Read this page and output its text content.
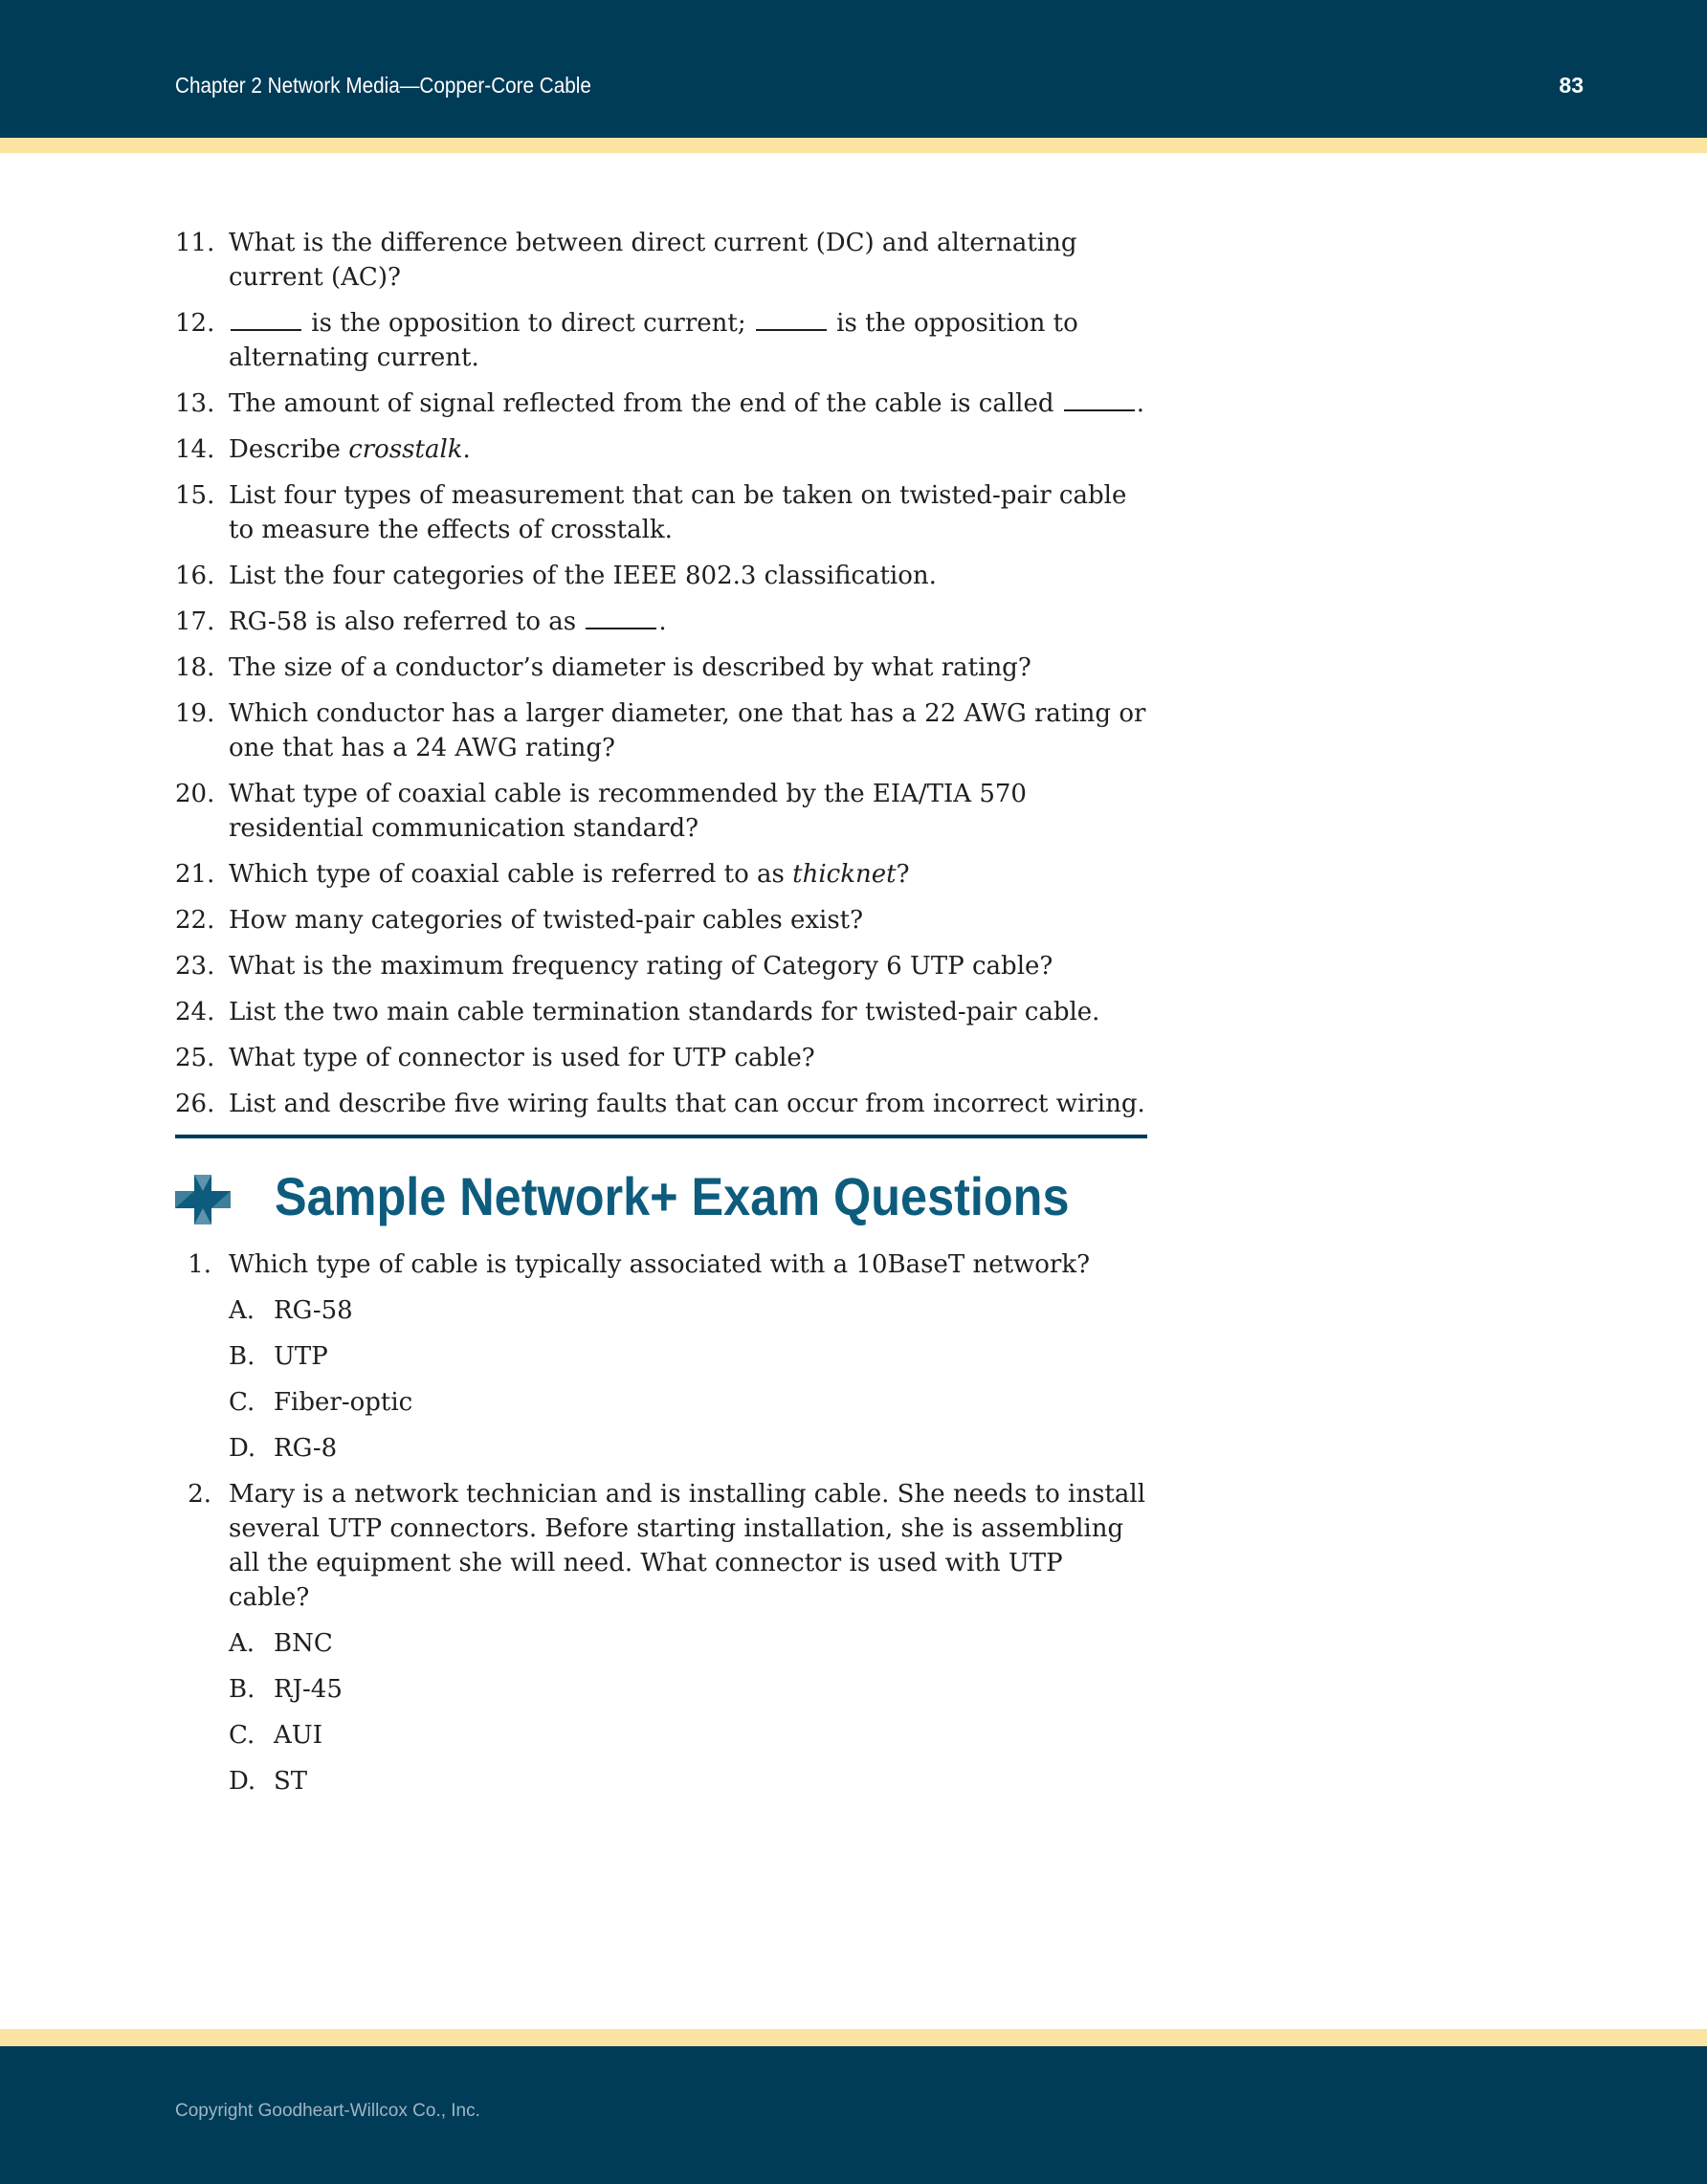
Chapter 2 Network Media—Copper-Core Cable	83
11. What is the difference between direct current (DC) and alternating current (AC)?
12.	is the opposition to direct current;	is the opposition to alternating current.
13. The amount of signal reflected from the end of the cable is called	.
14. Describe crosstalk.
15. List four types of measurement that can be taken on twisted-pair cable to measure the effects of crosstalk.
16. List the four categories of the IEEE 802.3 classification.
17. RG-58 is also referred to as	.
18. The size of a conductor’s diameter is described by what rating?
19. Which conductor has a larger diameter, one that has a 22 AWG rating or one that has a 24 AWG rating?
20. What type of coaxial cable is recommended by the EIA/TIA 570 residential communication standard?
21. Which type of coaxial cable is referred to as thicknet?
22. How many categories of twisted-pair cables exist?
23. What is the maximum frequency rating of Category 6 UTP cable?
24. List the two main cable termination standards for twisted-pair cable.
25. What type of connector is used for UTP cable?
26. List and describe five wiring faults that can occur from incorrect wiring.
Sample Network+ Exam Questions
1. Which type of cable is typically associated with a 10BaseT network?
A. RG-58
B. UTP
C. Fiber-optic
D. RG-8
2. Mary is a network technician and is installing cable. She needs to install several UTP connectors. Before starting installation, she is assembling all the equipment she will need. What connector is used with UTP cable?
A. BNC
B. RJ-45
C. AUI
D. ST
Copyright Goodheart-Willcox Co., Inc.
